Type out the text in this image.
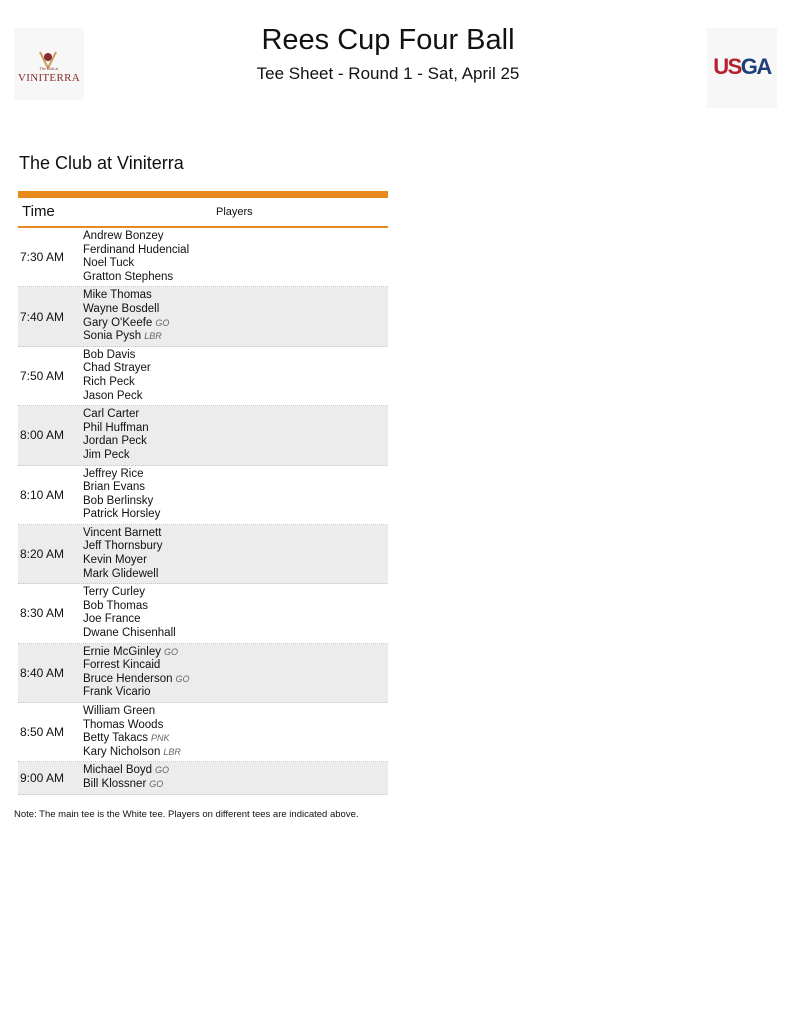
The Club at
VINITERRA	USGA
Rees Cup Four Ball
Tee Sheet - Round 1 - Sat, April 25
The Club at Viniterra
Time	Players
7:30 AM
Andrew Bonzey
Ferdinand Hudencial
Noel Tuck
Gratton Stephens
7:40 AM
Mike Thomas
Wayne Bosdell
Gary O'Keefe GO
Sonia Pysh LBR
7:50 AM
Bob Davis
Chad Strayer
Rich Peck
Jason Peck
8:00 AM
Carl Carter
Phil Huffman
Jordan Peck
Jim Peck
8:10 AM
Jeffrey Rice
Brian Evans
Bob Berlinsky
Patrick Horsley
8:20 AM
Vincent Barnett
Jeff Thornsbury
Kevin Moyer
Mark Glidewell
8:30 AM
Terry Curley
Bob Thomas
Joe France
Dwane Chisenhall
8:40 AM
Ernie McGinley GO
Forrest Kincaid
Bruce Henderson GO
Frank Vicario
8:50 AM
William Green
Thomas Woods
Betty Takacs PNK
Kary Nicholson LBR
9:00 AM
Michael Boyd GO
Bill Klossner GO
Note: The main tee is the White tee. Players on different tees are indicated above.
